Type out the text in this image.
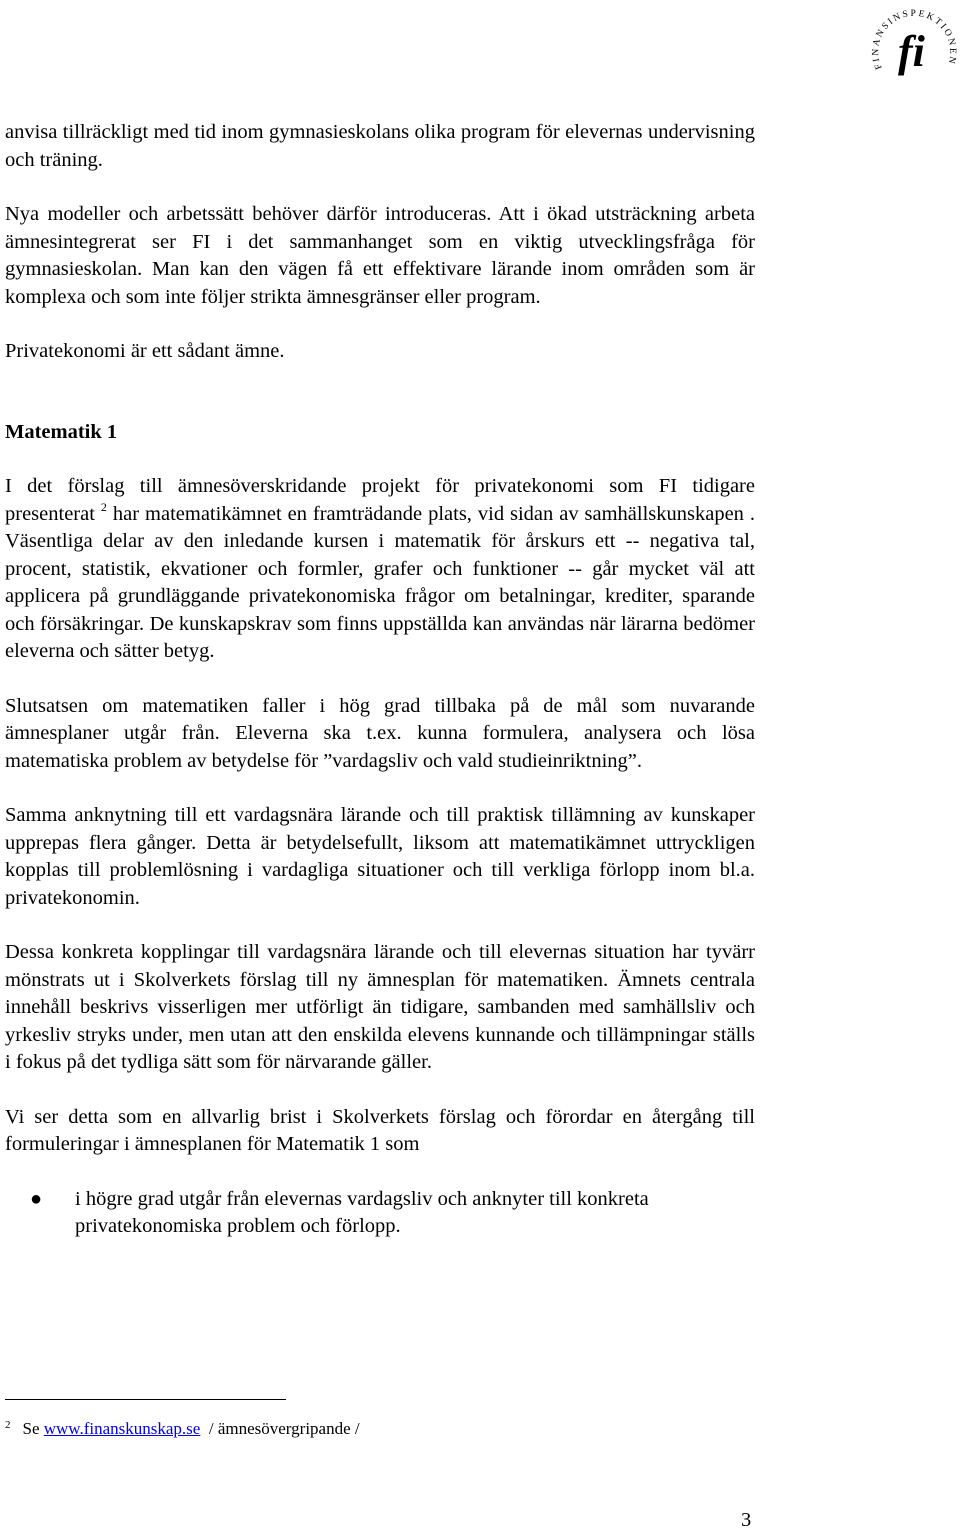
FINANSINSPEKTIONEN
fi

anvisa tillräckligt med tid inom gymnasieskolans olika program för elevernas undervisning och träning.

Nya modeller och arbetssätt behöver därför introduceras. Att i ökad utsträckning arbeta ämnesintegrerat ser FI i det sammanhanget som en viktig utvecklingsfråga för gymnasieskolan. Man kan den vägen få ett effektivare lärande inom områden som är komplexa och som inte följer strikta ämnesgränser eller program.

Privatekonomi är ett sådant ämne.

Matematik 1

I det förslag till ämnesöverskridande projekt för privatekonomi som FI tidigare presenterat $^2$ har matematikämnet en framträdande plats, vid sidan av samhällskunskapen . Väsentliga delar av den inledande kursen i matematik för årskurs ett -- negativa tal, procent, statistik, ekvationer och formler, grafer och funktioner -- går mycket väl att applicera på grundläggande privatekonomiska frågor om betalningar, krediter, sparande och försäkringar. De kunskapskrav som finns uppställda kan användas när lärarna bedömer eleverna och sätter betyg.

Slutsatsen om matematiken faller i hög grad tillbaka på de mål som nuvarande ämnesplaner utgår från. Eleverna ska t.ex. kunna formulera, analysera och lösa matematiska problem av betydelse för ”vardagsliv och vald studieinriktning”.

Samma anknytning till ett vardagsnära lärande och till praktisk tillämning av kunskaper upprepas flera gånger. Detta är betydelsefullt, liksom att matematikämnet uttryckligen kopplas till problemlösning i vardagliga situationer och till verkliga förlopp inom bl.a. privatekonomin.

Dessa konkreta kopplingar till vardagsnära lärande och till elevernas situation har tyvärr mönstrats ut i Skolverkets förslag till ny ämnesplan för matematiken. Ämnets centrala innehåll beskrivs visserligen mer utförligt än tidigare, sambanden med samhällsliv och yrkesliv stryks under, men utan att den enskilda elevens kunnande och tillämpningar ställs i fokus på det tydliga sätt som för närvarande gäller.

Vi ser detta som en allvarlig brist i Skolverkets förslag och förordar en återgång till formuleringar i ämnesplanen för Matematik 1 som

●	i högre grad utgår från elevernas vardagsliv och anknyter till konkreta privatekonomiska problem och förlopp.

$^2$ Se www.finanskunskap.se / ämnesövergripande /
3
